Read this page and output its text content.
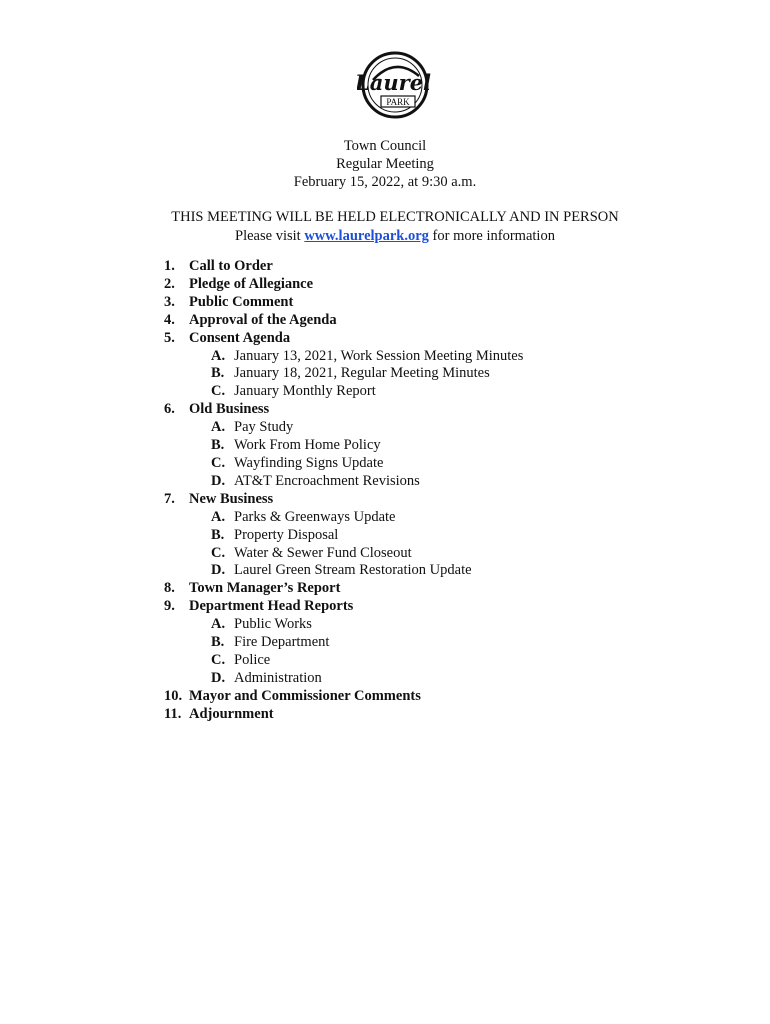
Laurel
PARK
Town Council
Regular Meeting
February 15, 2022, at 9:30 a.m.
THIS MEETING WILL BE HELD ELECTRONICALLY AND IN PERSON
Please visit www.laurelpark.org for more information
1. Call to Order
2. Pledge of Allegiance
3. Public Comment
4. Approval of the Agenda
5. Consent Agenda
A. January 13, 2021, Work Session Meeting Minutes
B. January 18, 2021, Regular Meeting Minutes
C. January Monthly Report
6. Old Business
A. Pay Study
B. Work From Home Policy
C. Wayfinding Signs Update
D. AT&T Encroachment Revisions
7. New Business
A. Parks & Greenways Update
B. Property Disposal
C. Water & Sewer Fund Closeout
D. Laurel Green Stream Restoration Update
8. Town Manager’s Report
9. Department Head Reports
A. Public Works
B. Fire Department
C. Police
D. Administration
10. Mayor and Commissioner Comments
11. Adjournment
